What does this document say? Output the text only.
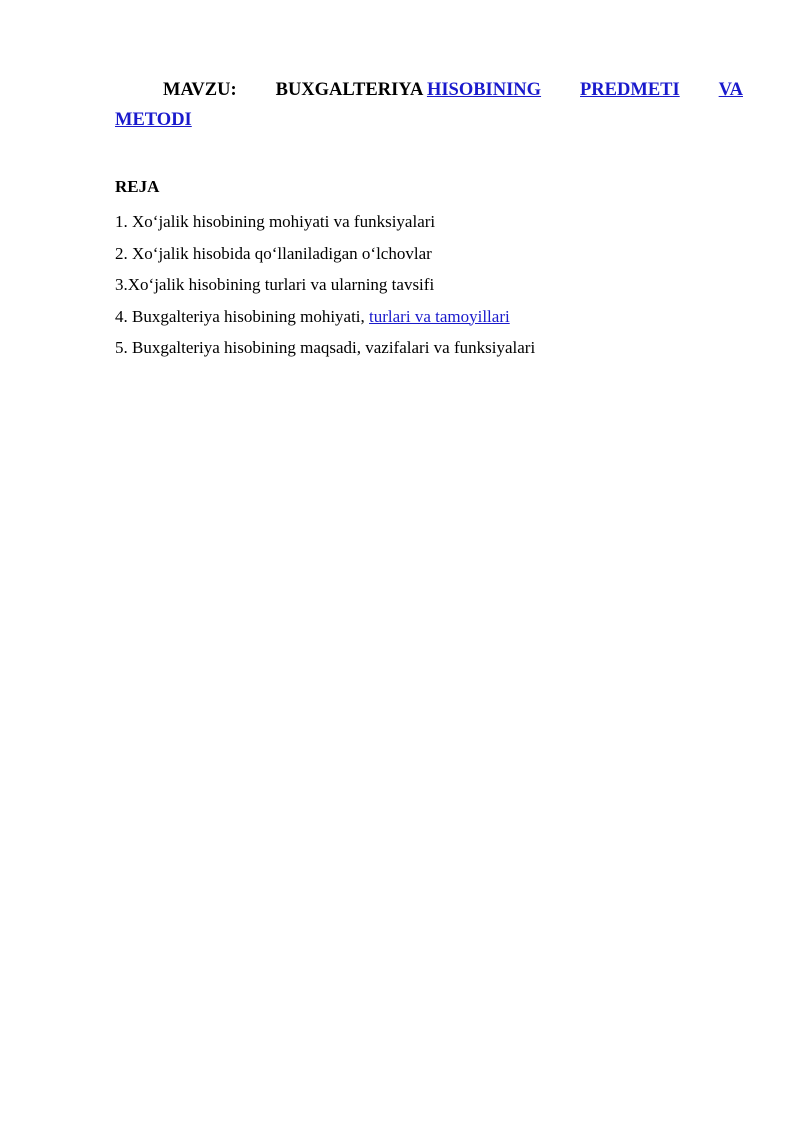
MAVZU: BUXGALTERIYA HISOBINING PREDMETI VA
METODI
REJA
1. Xo‘jalik hisobining mohiyati va funksiyalari
2. Xo‘jalik hisobida qo‘llaniladigan o‘lchovlar
3.Xo‘jalik hisobining turlari va ularning tavsifi
4. Buxgalteriya hisobining mohiyati, turlari va tamoyillari
5. Buxgalteriya hisobining maqsadi, vazifalari va funksiyalari
